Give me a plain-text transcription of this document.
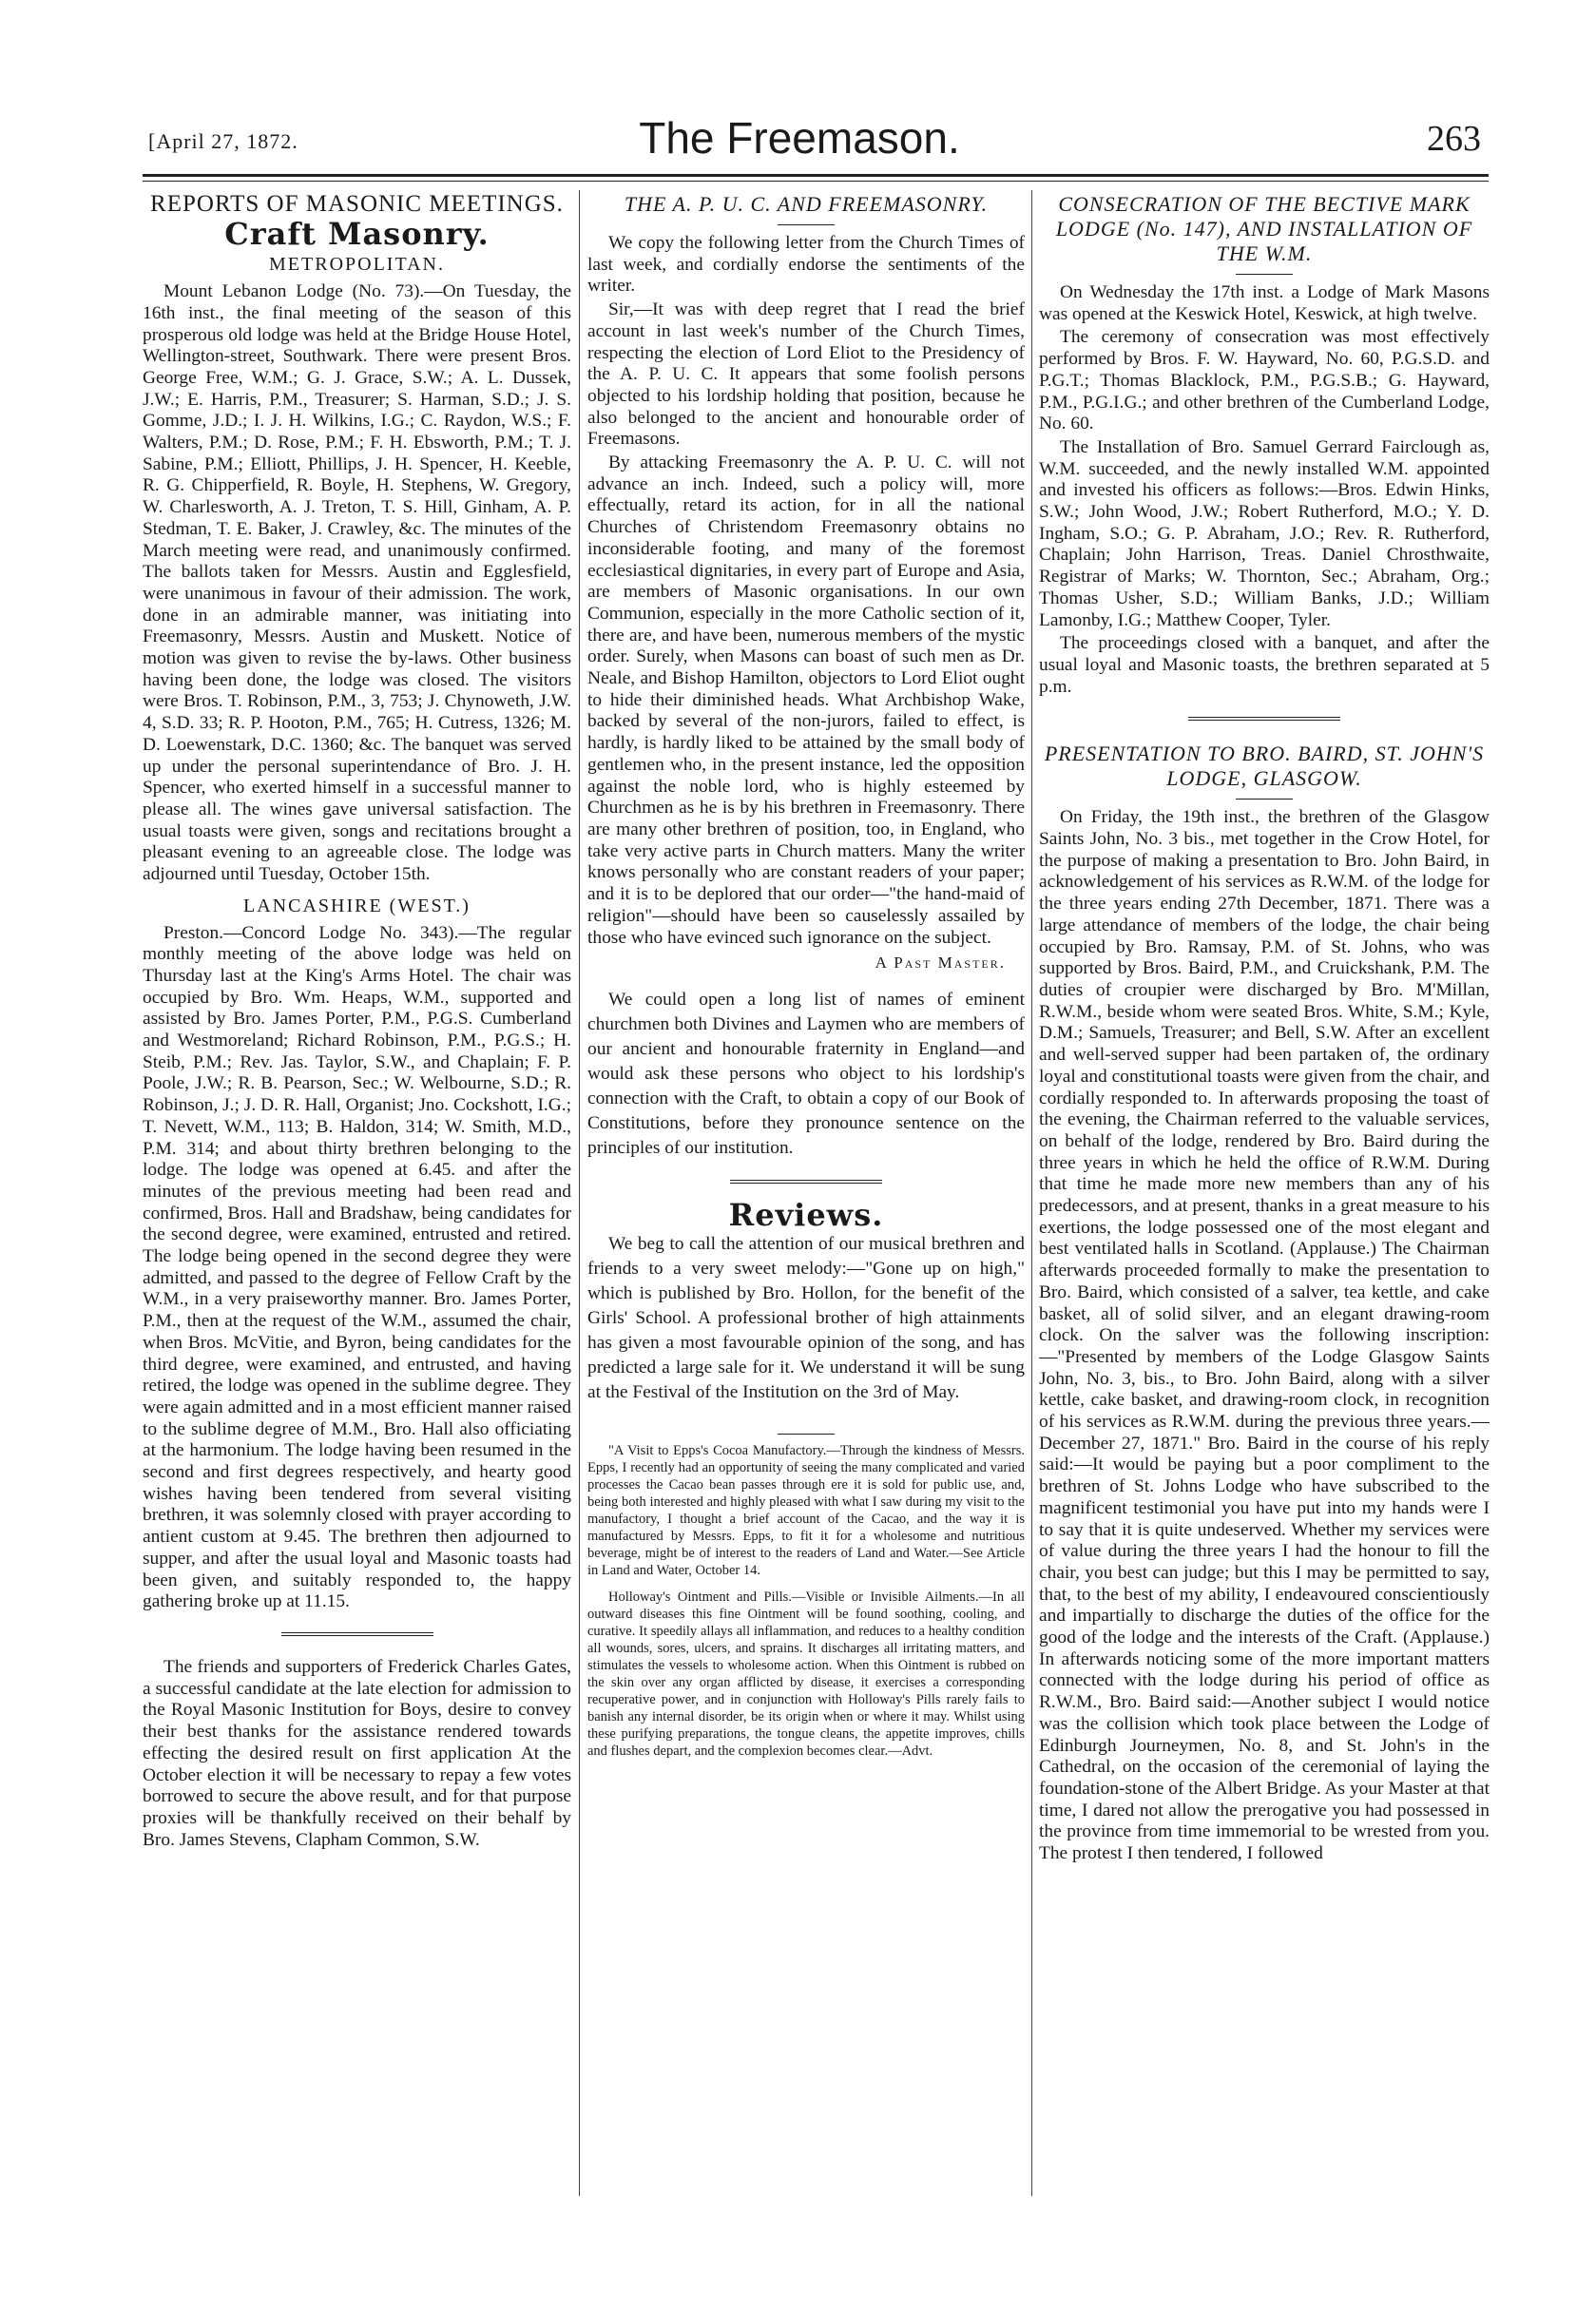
[April 27, 1872.	The Freemason.	263
REPORTS OF MASONIC MEETINGS.
Craft Masonry.
METROPOLITAN.

Mount Lebanon Lodge (No. 73).—On Tuesday, the 16th inst., the final meeting of the season of this prosperous old lodge was held at the Bridge House Hotel, Wellington-street, Southwark. There were present Bros. George Free, W.M.; G. J. Grace, S.W.; A. L. Dussek, J.W.; E. Harris, P.M., Treasurer; S. Harman, S.D.; J. S. Gomme, J.D.; I. J. H. Wilkins, I.G.; C. Raydon, W.S.; F. Walters, P.M.; D. Rose, P.M.; F. H. Ebsworth, P.M.; T. J. Sabine, P.M.; Elliott, Phillips, J. H. Spencer, H. Keeble, R. G. Chipperfield, R. Boyle, H. Stephens, W. Gregory, W. Charlesworth, A. J. Treton, T. S. Hill, Ginham, A. P. Stedman, T. E. Baker, J. Crawley, &c. The minutes of the March meeting were read, and unanimously confirmed. The ballots taken for Messrs. Austin and Egglesfield, were unanimous in favour of their admission. The work, done in an admirable manner, was initiating into Freemasonry, Messrs. Austin and Muskett. Notice of motion was given to revise the by-laws. Other business having been done, the lodge was closed. The visitors were Bros. T. Robinson, P.M., 3, 753; J. Chynoweth, J.W. 4, S.D. 33; R. P. Hooton, P.M., 765; H. Cutress, 1326; M. D. Loewenstark, D.C. 1360; &c. The banquet was served up under the personal superintendance of Bro. J. H. Spencer, who exerted himself in a successful manner to please all. The wines gave universal satisfaction. The usual toasts were given, songs and recitations brought a pleasant evening to an agreeable close. The lodge was adjourned until Tuesday, October 15th.

LANCASHIRE (WEST.)

Preston.—Concord Lodge No. 343).—The regular monthly meeting of the above lodge was held on Thursday last at the King's Arms Hotel. The chair was occupied by Bro. Wm. Heaps, W.M., supported and assisted by Bro. James Porter, P.M., P.G.S. Cumberland and Westmoreland; Richard Robinson, P.M., P.G.S.; H. Steib, P.M.; Rev. Jas. Taylor, S.W., and Chaplain; F. P. Poole, J.W.; R. B. Pearson, Sec.; W. Welbourne, S.D.; R. Robinson, J.; J. D. R. Hall, Organist; Jno. Cockshott, I.G.; T. Nevett, W.M., 113; B. Haldon, 314; W. Smith, M.D., P.M. 314; and about thirty brethren belonging to the lodge. The lodge was opened at 6.45. and after the minutes of the previous meeting had been read and confirmed, Bros. Hall and Bradshaw, being candidates for the second degree, were examined, entrusted and retired. The lodge being opened in the second degree they were admitted, and passed to the degree of Fellow Craft by the W.M., in a very praiseworthy manner. Bro. James Porter, P.M., then at the request of the W.M., assumed the chair, when Bros. McVitie, and Byron, being candidates for the third degree, were examined, and entrusted, and having retired, the lodge was opened in the sublime degree. They were again admitted and in a most efficient manner raised to the sublime degree of M.M., Bro. Hall also officiating at the harmonium. The lodge having been resumed in the second and first degrees respectively, and hearty good wishes having been tendered from several visiting brethren, it was solemnly closed with prayer according to antient custom at 9.45. The brethren then adjourned to supper, and after the usual loyal and Masonic toasts had been given, and suitably responded to, the happy gathering broke up at 11.15.

The friends and supporters of Frederick Charles Gates, a successful candidate at the late election for admission to the Royal Masonic Institution for Boys, desire to convey their best thanks for the assistance rendered towards effecting the desired result on first application At the October election it will be necessary to repay a few votes borrowed to secure the above result, and for that purpose proxies will be thankfully received on their behalf by Bro. James Stevens, Clapham Common, S.W.

THE A. P. U. C. AND FREEMASONRY.

We copy the following letter from the Church Times of last week, and cordially endorse the sentiments of the writer.

Sir,—It was with deep regret that I read the brief account in last week's number of the Church Times, respecting the election of Lord Eliot to the Presidency of the A. P. U. C. It appears that some foolish persons objected to his lordship holding that position, because he also belonged to the ancient and honourable order of Freemasons.

By attacking Freemasonry the A. P. U. C. will not advance an inch. Indeed, such a policy will, more effectually, retard its action, for in all the national Churches of Christendom Freemasonry obtains no inconsiderable footing, and many of the foremost ecclesiastical dignitaries, in every part of Europe and Asia, are members of Masonic organisations. In our own Communion, especially in the more Catholic section of it, there are, and have been, numerous members of the mystic order. Surely, when Masons can boast of such men as Dr. Neale, and Bishop Hamilton, objectors to Lord Eliot ought to hide their diminished heads. What Archbishop Wake, backed by several of the non-jurors, failed to effect, is hardly, is hardly liked to be attained by the small body of gentlemen who, in the present instance, led the opposition against the noble lord, who is highly esteemed by Churchmen as he is by his brethren in Freemasonry. There are many other brethren of position, too, in England, who take very active parts in Church matters. Many the writer knows personally who are constant readers of your paper; and it is to be deplored that our order—"the hand-maid of religion"—should have been so causelessly assailed by those who have evinced such ignorance on the subject.

A Past Master.

We could open a long list of names of eminent churchmen both Divines and Laymen who are members of our ancient and honourable fraternity in England—and would ask these persons who object to his lordship's connection with the Craft, to obtain a copy of our Book of Constitutions, before they pronounce sentence on the principles of our institution.

Reviews.

We beg to call the attention of our musical brethren and friends to a very sweet melody:—"Gone up on high," which is published by Bro. Hollon, for the benefit of the Girls' School. A professional brother of high attainments has given a most favourable opinion of the song, and has predicted a large sale for it. We understand it will be sung at the Festival of the Institution on the 3rd of May.

"A Visit to Epps's Cocoa Manufactory.—Through the kindness of Messrs. Epps, I recently had an opportunity of seeing the many complicated and varied processes the Cacao bean passes through ere it is sold for public use, and, being both interested and highly pleased with what I saw during my visit to the manufactory, I thought a brief account of the Cacao, and the way it is manufactured by Messrs. Epps, to fit it for a wholesome and nutritious beverage, might be of interest to the readers of Land and Water.—See Article in Land and Water, October 14.

Holloway's Ointment and Pills.—Visible or Invisible Ailments.—In all outward diseases this fine Ointment will be found soothing, cooling, and curative. It speedily allays all inflammation, and reduces to a healthy condition all wounds, sores, ulcers, and sprains. It discharges all irritating matters, and stimulates the vessels to wholesome action. When this Ointment is rubbed on the skin over any organ afflicted by disease, it exercises a corresponding recuperative power, and in conjunction with Holloway's Pills rarely fails to banish any internal disorder, be its origin when or where it may. Whilst using these purifying preparations, the tongue cleans, the appetite improves, chills and flushes depart, and the complexion becomes clear.—Advt.

CONSECRATION OF THE BECTIVE MARK LODGE (No. 147), AND INSTALLATION OF THE W.M.

On Wednesday the 17th inst. a Lodge of Mark Masons was opened at the Keswick Hotel, Keswick, at high twelve.

The ceremony of consecration was most effectively performed by Bros. F. W. Hayward, No. 60, P.G.S.D. and P.G.T.; Thomas Blacklock, P.M., P.G.S.B.; G. Hayward, P.M., P.G.I.G.; and other brethren of the Cumberland Lodge, No. 60.

The Installation of Bro. Samuel Gerrard Fairclough as, W.M. succeeded, and the newly installed W.M. appointed and invested his officers as follows:—Bros. Edwin Hinks, S.W.; John Wood, J.W.; Robert Rutherford, M.O.; Y. D. Ingham, S.O.; G. P. Abraham, J.O.; Rev. R. Rutherford, Chaplain; John Harrison, Treas. Daniel Chrosthwaite, Registrar of Marks; W. Thornton, Sec.; Abraham, Org.; Thomas Usher, S.D.; William Banks, J.D.; William Lamonby, I.G.; Matthew Cooper, Tyler.

The proceedings closed with a banquet, and after the usual loyal and Masonic toasts, the brethren separated at 5 p.m.

PRESENTATION TO BRO. BAIRD, ST. JOHN'S LODGE, GLASGOW.

On Friday, the 19th inst., the brethren of the Glasgow Saints John, No. 3 bis., met together in the Crow Hotel, for the purpose of making a presentation to Bro. John Baird, in acknowledgement of his services as R.W.M. of the lodge for the three years ending 27th December, 1871. There was a large attendance of members of the lodge, the chair being occupied by Bro. Ramsay, P.M. of St. Johns, who was supported by Bros. Baird, P.M., and Cruickshank, P.M. The duties of croupier were discharged by Bro. M'Millan, R.W.M., beside whom were seated Bros. White, S.M.; Kyle, D.M.; Samuels, Treasurer; and Bell, S.W. After an excellent and well-served supper had been partaken of, the ordinary loyal and constitutional toasts were given from the chair, and cordially responded to. In afterwards proposing the toast of the evening, the Chairman referred to the valuable services, on behalf of the lodge, rendered by Bro. Baird during the three years in which he held the office of R.W.M. During that time he made more new members than any of his predecessors, and at present, thanks in a great measure to his exertions, the lodge possessed one of the most elegant and best ventilated halls in Scotland. (Applause.) The Chairman afterwards proceeded formally to make the presentation to Bro. Baird, which consisted of a salver, tea kettle, and cake basket, all of solid silver, and an elegant drawing-room clock. On the salver was the following inscription:—"Presented by members of the Lodge Glasgow Saints John, No. 3, bis., to Bro. John Baird, along with a silver kettle, cake basket, and drawing-room clock, in recognition of his services as R.W.M. during the previous three years.—December 27, 1871." Bro. Baird in the course of his reply said:—It would be paying but a poor compliment to the brethren of St. Johns Lodge who have subscribed to the magnificent testimonial you have put into my hands were I to say that it is quite undeserved. Whether my services were of value during the three years I had the honour to fill the chair, you best can judge; but this I may be permitted to say, that, to the best of my ability, I endeavoured conscientiously and impartially to discharge the duties of the office for the good of the lodge and the interests of the Craft. (Applause.) In afterwards noticing some of the more important matters connected with the lodge during his period of office as R.W.M., Bro. Baird said:—Another subject I would notice was the collision which took place between the Lodge of Edinburgh Journeymen, No. 8, and St. John's in the Cathedral, on the occasion of the ceremonial of laying the foundation-stone of the Albert Bridge. As your Master at that time, I dared not allow the prerogative you had possessed in the province from time immemorial to be wrested from you. The protest I then tendered, I followed
